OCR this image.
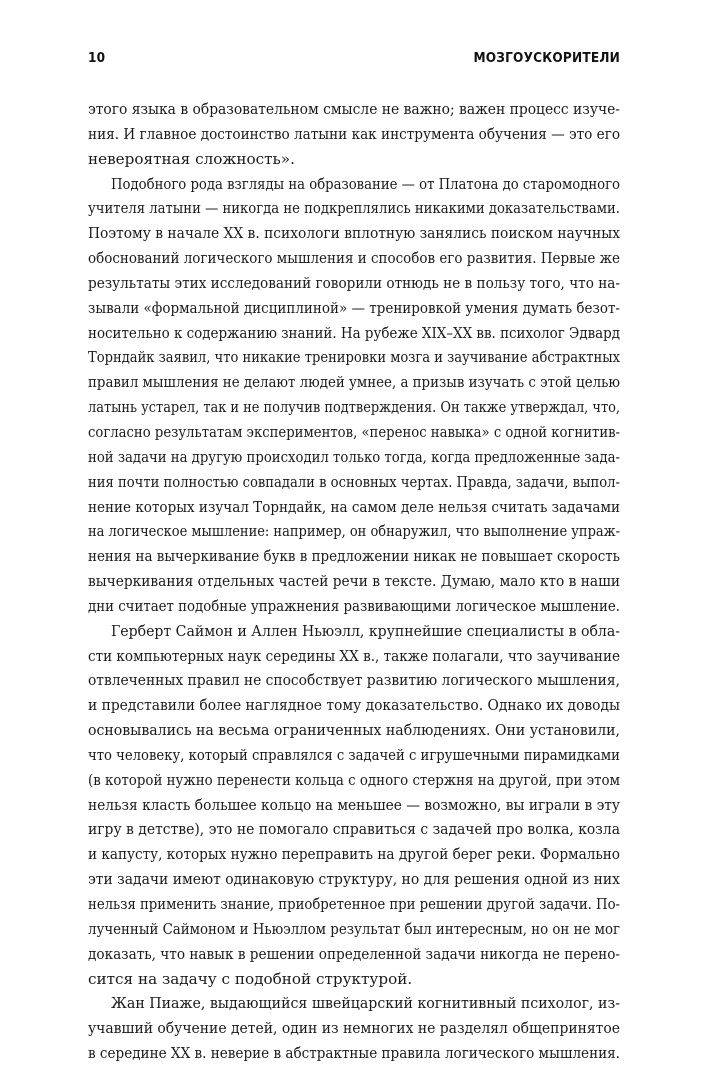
10	МОЗГОУСКОРИТЕЛИ
этого языка в образовательном смысле не важно; важен процесс изуче-
ния. И главное достоинство латыни как инструмента обучения — это его
невероятная сложность».
Подобного рода взгляды на образование — от Платона до старомодного
учителя латыни — никогда не подкреплялись никакими доказательствами.
Поэтому в начале XX в. психологи вплотную занялись поиском научных
обоснований логического мышления и способов его развития. Первые же
результаты этих исследований говорили отнюдь не в пользу того, что на-
зывали «формальной дисциплиной» — тренировкой умения думать безот-
носительно к содержанию знаний. На рубеже XIX–XX вв. психолог Эдвард
Торндайк заявил, что никакие тренировки мозга и заучивание абстрактных
правил мышления не делают людей умнее, а призыв изучать с этой целью
латынь устарел, так и не получив подтверждения. Он также утверждал, что,
согласно результатам экспериментов, «перенос навыка» с одной когнитив-
ной задачи на другую происходил только тогда, когда предложенные зада-
ния почти полностью совпадали в основных чертах. Правда, задачи, выпол-
нение которых изучал Торндайк, на самом деле нельзя считать задачами
на логическое мышление: например, он обнаружил, что выполнение упраж-
нения на вычеркивание букв в предложении никак не повышает скорость
вычеркивания отдельных частей речи в тексте. Думаю, мало кто в наши
дни считает подобные упражнения развивающими логическое мышление.
Герберт Саймон и Аллен Ньюэлл, крупнейшие специалисты в обла-
сти компьютерных наук середины XX в., также полагали, что заучивание
отвлеченных правил не способствует развитию логического мышления,
и представили более наглядное тому доказательство. Однако их доводы
основывались на весьма ограниченных наблюдениях. Они установили,
что человеку, который справлялся с задачей с игрушечными пирамидками
(в которой нужно перенести кольца с одного стержня на другой, при этом
нельзя класть большее кольцо на меньшее — возможно, вы играли в эту
игру в детстве), это не помогало справиться с задачей про волка, козла
и капусту, которых нужно переправить на другой берег реки. Формально
эти задачи имеют одинаковую структуру, но для решения одной из них
нельзя применить знание, приобретенное при решении другой задачи. По-
лученный Саймоном и Ньюэллом результат был интересным, но он не мог
доказать, что навык в решении определенной задачи никогда не перено-
сится на задачу с подобной структурой.
Жан Пиаже, выдающийся швейцарский когнитивный психолог, из-
учавший обучение детей, один из немногих не разделял общепринятое
в середине XX в. неверие в абстрактные правила логического мышления.
